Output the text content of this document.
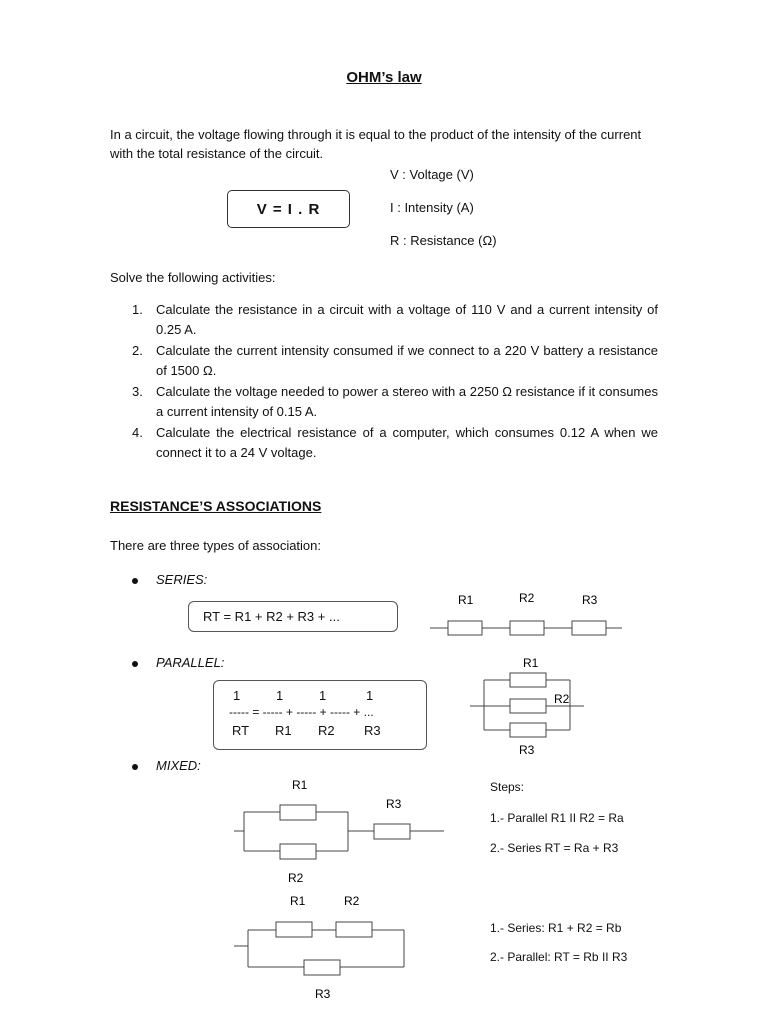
OHM’s law
In a circuit, the voltage flowing through it is equal to the product of the intensity of the current with the total resistance of the circuit.
V = I . R
V : Voltage (V)
I : Intensity (A)
R : Resistance (Ω)
Solve the following activities:
1. Calculate the resistance in a circuit with a voltage of 110 V and a current intensity of 0.25 A.
2. Calculate the current intensity consumed if we connect to a 220 V battery a resistance of 1500 Ω.
3. Calculate the voltage needed to power a stereo with a 2250 Ω resistance if it consumes a current intensity of 0.15 A.
4. Calculate the electrical resistance of a computer, which consumes 0.12 A when we connect it to a 24 V voltage.
RESISTANCE’S ASSOCIATIONS
There are three types of association:
SERIES:
RT = R1 + R2 + R3 + ...
R1	R2	R3
PARALLEL:
1	1	1	1
----- = ----- + ----- + ----- + ...
RT R1 R2 R3
R1
R2
R3
MIXED:
R1
R2
R3
Steps:
1.- Parallel R1 II R2 = Ra
2.- Series RT = Ra + R3
R1	R2
R3
1.- Series: R1 + R2 = Rb
2.- Parallel: RT = Rb II R3
